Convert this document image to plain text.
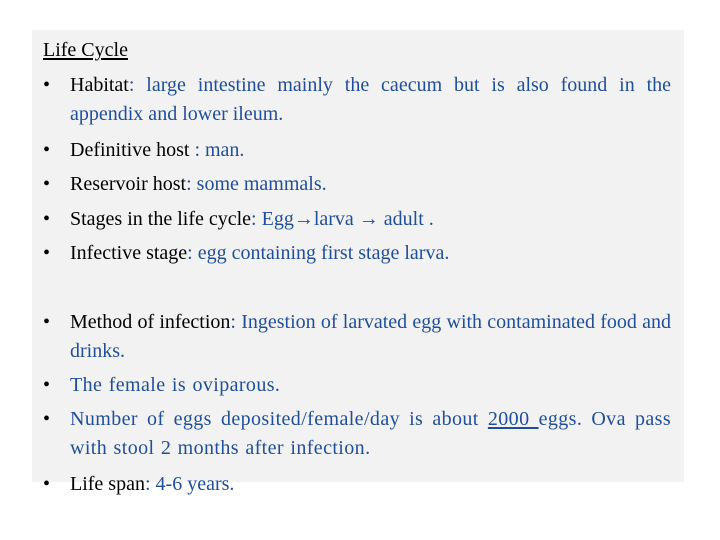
Life Cycle
• Habitat: large intestine mainly the caecum but is also found in the appendix and lower ileum.
• Definitive host : man.
• Reservoir host: some mammals.
• Stages in the life cycle: Egg→larva → adult .
• Infective stage: egg containing first stage larva.
• Method of infection: Ingestion of larvated egg with contaminated food and drinks.
• The female is oviparous.
• Number of eggs deposited/female/day is about 2000 eggs. Ova pass with stool 2 months after infection.
• Life span: 4-6 years.
